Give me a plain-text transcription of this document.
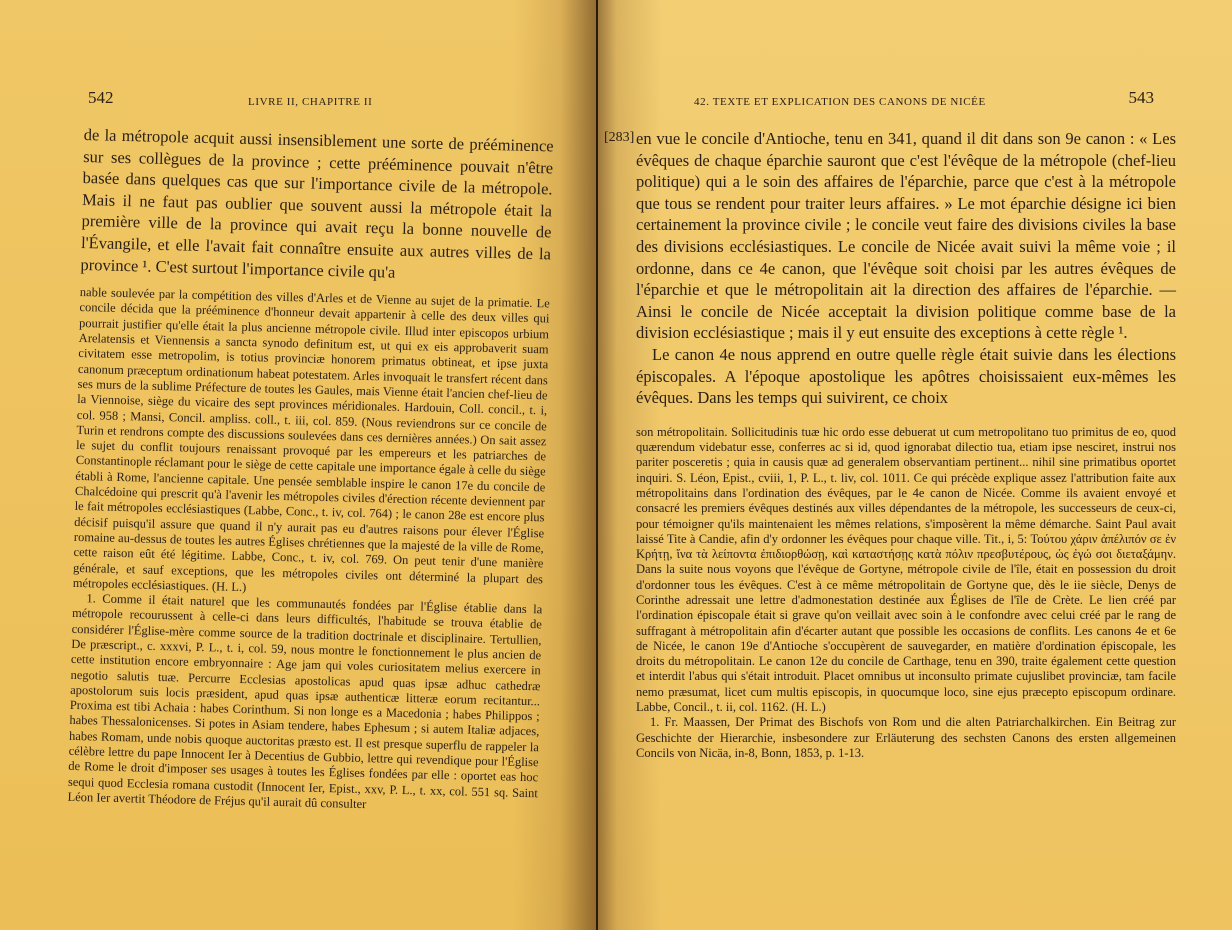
542	LIVRE II, CHAPITRE II

de la métropole acquit aussi insensiblement une sorte de prééminence sur ses collègues de la province ; cette prééminence pouvait n'être basée dans quelques cas que sur l'importance civile de la métropole. Mais il ne faut pas oublier que souvent aussi la métropole était la première ville de la province qui avait reçu la bonne nouvelle de l'Évangile, et elle l'avait fait connaître ensuite aux autres villes de la province ¹. C'est surtout l'importance civile qu'a

nable soulevée par la compétition des villes d'Arles et de Vienne au sujet de la primatie. Le concile décida que la prééminence d'honneur devait appartenir à celle des deux villes qui pourrait justifier qu'elle était la plus ancienne métropole civile. Illud inter episcopos urbium Arelatensis et Viennensis a sancta synodo definitum est, ut qui ex eis approbaverit suam civitatem esse metropolim, is totius provinciæ honorem primatus obtineat, et ipse juxta canonum præceptum ordinationum habeat potestatem. Arles invoquait le transfert récent dans ses murs de la sublime Préfecture de toutes les Gaules, mais Vienne était l'ancien chef-lieu de la Viennoise, siège du vicaire des sept provinces méridionales. Hardouin, Coll. concil., t. i, col. 958 ; Mansi, Concil. ampliss. coll., t. iii, col. 859. (Nous reviendrons sur ce concile de Turin et rendrons compte des discussions soulevées dans ces dernières années.) On sait assez le sujet du conflit toujours renaissant provoqué par les empereurs et les patriarches de Constantinople réclamant pour le siège de cette capitale une importance égale à celle du siège établi à Rome, l'ancienne capitale. Une pensée semblable inspire le canon 17e du concile de Chalcédoine qui prescrit qu'à l'avenir les métropoles civiles d'érection récente deviennent par le fait métropoles ecclésiastiques (Labbe, Conc., t. iv, col. 764) ; le canon 28e est encore plus décisif puisqu'il assure que quand il n'y aurait pas eu d'autres raisons pour élever l'Église romaine au-dessus de toutes les autres Églises chrétiennes que la majesté de la ville de Rome, cette raison eût été légitime. Labbe, Conc., t. iv, col. 769. On peut tenir d'une manière générale, et sauf exceptions, que les métropoles civiles ont déterminé la plupart des métropoles ecclésiastiques. (H. L.)

1. Comme il était naturel que les communautés fondées par l'Église établie dans la métropole recourussent à celle-ci dans leurs difficultés, l'habitude se trouva établie de considérer l'Église-mère comme source de la tradition doctrinale et disciplinaire. Tertullien, De præscript., c. xxxvi, P. L., t. i, col. 59, nous montre le fonctionnement le plus ancien de cette institution encore embryonnaire : Age jam qui voles curiositatem melius exercere in negotio salutis tuæ. Percurre Ecclesias apostolicas apud quas ipsæ adhuc cathedræ apostolorum suis locis præsident, apud quas ipsæ authenticæ litteræ eorum recitantur... Proxima est tibi Achaia : habes Corinthum. Si non longe es a Macedonia ; habes Philippos ; habes Thessalonicenses. Si potes in Asiam tendere, habes Ephesum ; si autem Italiæ adjaces, habes Romam, unde nobis quoque auctoritas præsto est. Il est presque superflu de rappeler la célèbre lettre du pape Innocent Ier à Decentius de Gubbio, lettre qui revendique pour l'Église de Rome le droit d'imposer ses usages à toutes les Églises fondées par elle : oportet eas hoc sequi quod Ecclesia romana custodit (Innocent Ier, Epist., xxv, P. L., t. xx, col. 551 sq. Saint Léon Ier avertit Théodore de Fréjus qu'il aurait dû consulter

42. TEXTE ET EXPLICATION DES CANONS DE NICÉE	543
[283] en vue le concile d'Antioche, tenu en 341, quand il dit dans son 9e canon : « Les évêques de chaque éparchie sauront que c'est l'évêque de la métropole (chef-lieu politique) qui a le soin des affaires de l'éparchie, parce que c'est à la métropole que tous se rendent pour traiter leurs affaires. » Le mot éparchie désigne ici bien certainement la province civile ; le concile veut faire des divisions civiles la base des divisions ecclésiastiques. Le concile de Nicée avait suivi la même voie ; il ordonne, dans ce 4e canon, que l'évêque soit choisi par les autres évêques de l'éparchie et que le métropolitain ait la direction des affaires de l'éparchie. — Ainsi le concile de Nicée acceptait la division politique comme base de la division ecclésiastique ; mais il y eut ensuite des exceptions à cette règle ¹.

Le canon 4e nous apprend en outre quelle règle était suivie dans les élections épiscopales. A l'époque apostolique les apôtres choisissaient eux-mêmes les évêques. Dans les temps qui suivirent, ce choix

son métropolitain. Sollicitudinis tuæ hic ordo esse debuerat ut cum metropolitano tuo primitus de eo, quod quærendum videbatur esse, conferres ac si id, quod ignorabat dilectio tua, etiam ipse nesciret, instrui nos pariter posceretis ; quia in causis quæ ad generalem observantiam pertinent... nihil sine primatibus oportet inquiri. S. Léon, Epist., cviii, 1, P. L., t. liv, col. 1011. Ce qui précède explique assez l'attribution faite aux métropolitains dans l'ordination des évêques, par le 4e canon de Nicée. Comme ils avaient envoyé et consacré les premiers évêques destinés aux villes dépendantes de la métropole, les successeurs de ceux-ci, pour témoigner qu'ils maintenaient les mêmes relations, s'imposèrent la même démarche. Saint Paul avait laissé Tite à Candie, afin d'y ordonner les évêques pour chaque ville. Tit., i, 5: Τούτου χάριν ἀπέλιπόν σε ἐν Κρήτῃ, ἵνα τὰ λείποντα ἐπιδιορθώσῃ, καὶ καταστήσῃς κατὰ πόλιν πρεσβυτέρους, ὡς ἐγώ σοι διεταξάμην. Dans la suite nous voyons que l'évêque de Gortyne, métropole civile de l'île, était en possession du droit d'ordonner tous les évêques. C'est à ce même métropolitain de Gortyne que, dès le iie siècle, Denys de Corinthe adressait une lettre d'admonestation destinée aux Églises de l'île de Crète. Le lien créé par l'ordination épiscopale était si grave qu'on veillait avec soin à le confondre avec celui créé par le rang de suffragant à métropolitain afin d'écarter autant que possible les occasions de conflits. Les canons 4e et 6e de Nicée, le canon 19e d'Antioche s'occupèrent de sauvegarder, en matière d'ordination épiscopale, les droits du métropolitain. Le canon 12e du concile de Carthage, tenu en 390, traite également cette question et interdit l'abus qui s'était introduit. Placet omnibus ut inconsulto primate cujuslibet provinciæ, tam facile nemo præsumat, licet cum multis episcopis, in quocumque loco, sine ejus præcepto episcopum ordinare. Labbe, Concil., t. ii, col. 1162. (H. L.)

1. Fr. Maassen, Der Primat des Bischofs von Rom und die alten Patriarchalkirchen. Ein Beitrag zur Geschichte der Hierarchie, insbesondere zur Erläuterung des sechsten Canons des ersten allgemeinen Concils von Nicäa, in-8, Bonn, 1853, p. 1-13.
